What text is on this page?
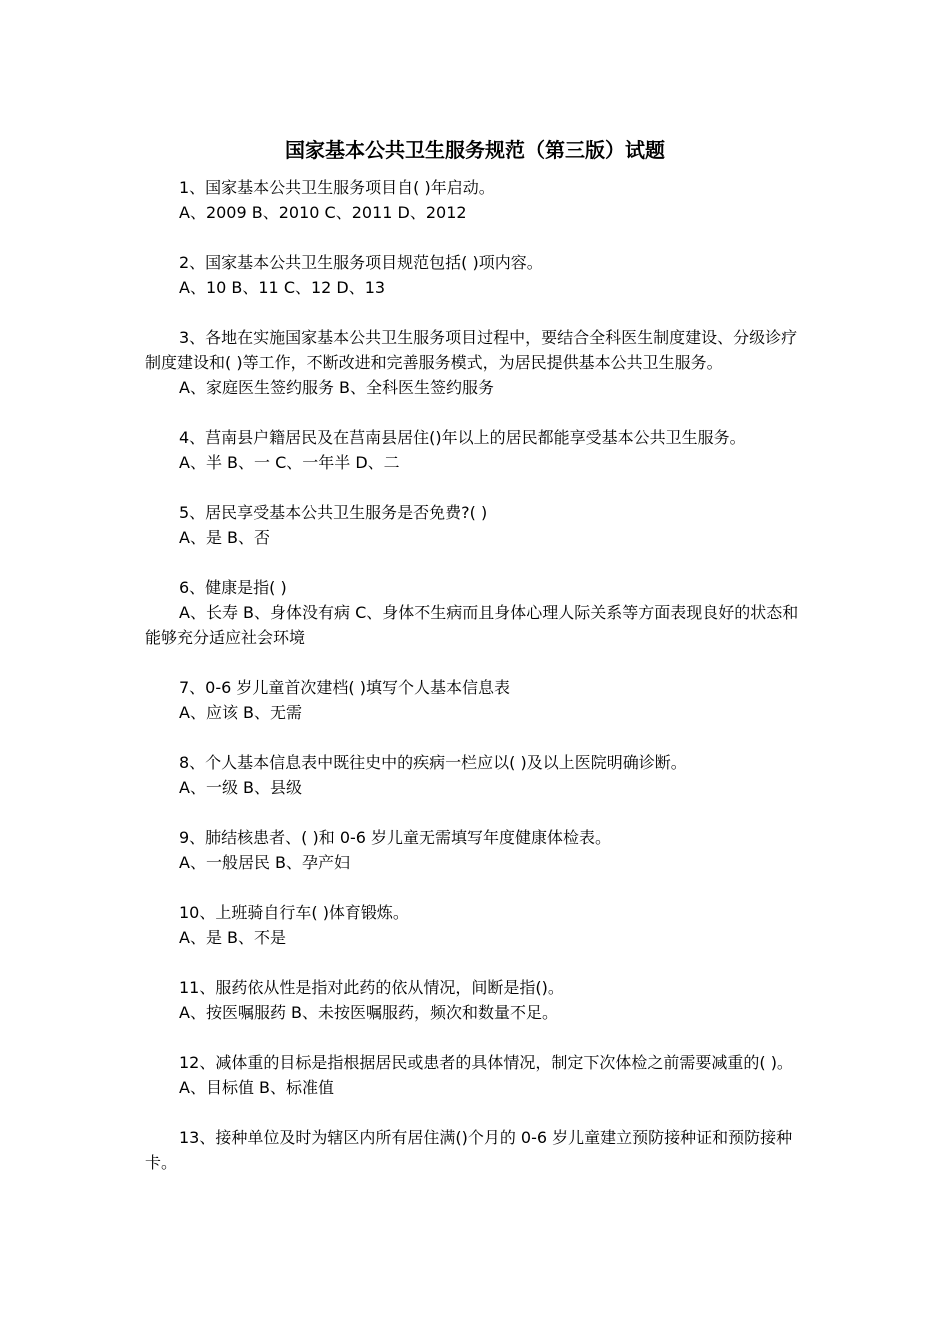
国家基本公共卫生服务规范（第三版）试题

1、国家基本公共卫生服务项目自( )年启动。

A、2009 B、2010 C、2011 D、2012

2、国家基本公共卫生服务项目规范包括( )项内容。

A、10 B、11 C、12 D、13

3、各地在实施国家基本公共卫生服务项目过程中，要结合全科医生制度建设、分级诊疗制度建设和( )等工作，不断改进和完善服务模式，为居民提供基本公共卫生服务。

A、家庭医生签约服务 B、全科医生签约服务

4、莒南县户籍居民及在莒南县居住()年以上的居民都能享受基本公共卫生服务。

A、半 B、一 C、一年半 D、二

5、居民享受基本公共卫生服务是否免费?( )

A、是 B、否

6、健康是指( )

A、长寿 B、身体没有病 C、身体不生病而且身体心理人际关系等方面表现良好的状态和能够充分适应社会环境

7、0-6 岁儿童首次建档( )填写个人基本信息表

A、应该 B、无需

8、个人基本信息表中既往史中的疾病一栏应以( )及以上医院明确诊断。

A、一级 B、县级

9、肺结核患者、( )和 0-6 岁儿童无需填写年度健康体检表。

A、一般居民 B、孕产妇

10、上班骑自行车( )体育锻炼。

A、是 B、不是

11、服药依从性是指对此药的依从情况，间断是指()。

A、按医嘱服药 B、未按医嘱服药，频次和数量不足。

12、减体重的目标是指根据居民或患者的具体情况，制定下次体检之前需要减重的( )。

A、目标值 B、标准值

13、接种单位及时为辖区内所有居住满()个月的 0-6 岁儿童建立预防接种证和预防接种卡。
